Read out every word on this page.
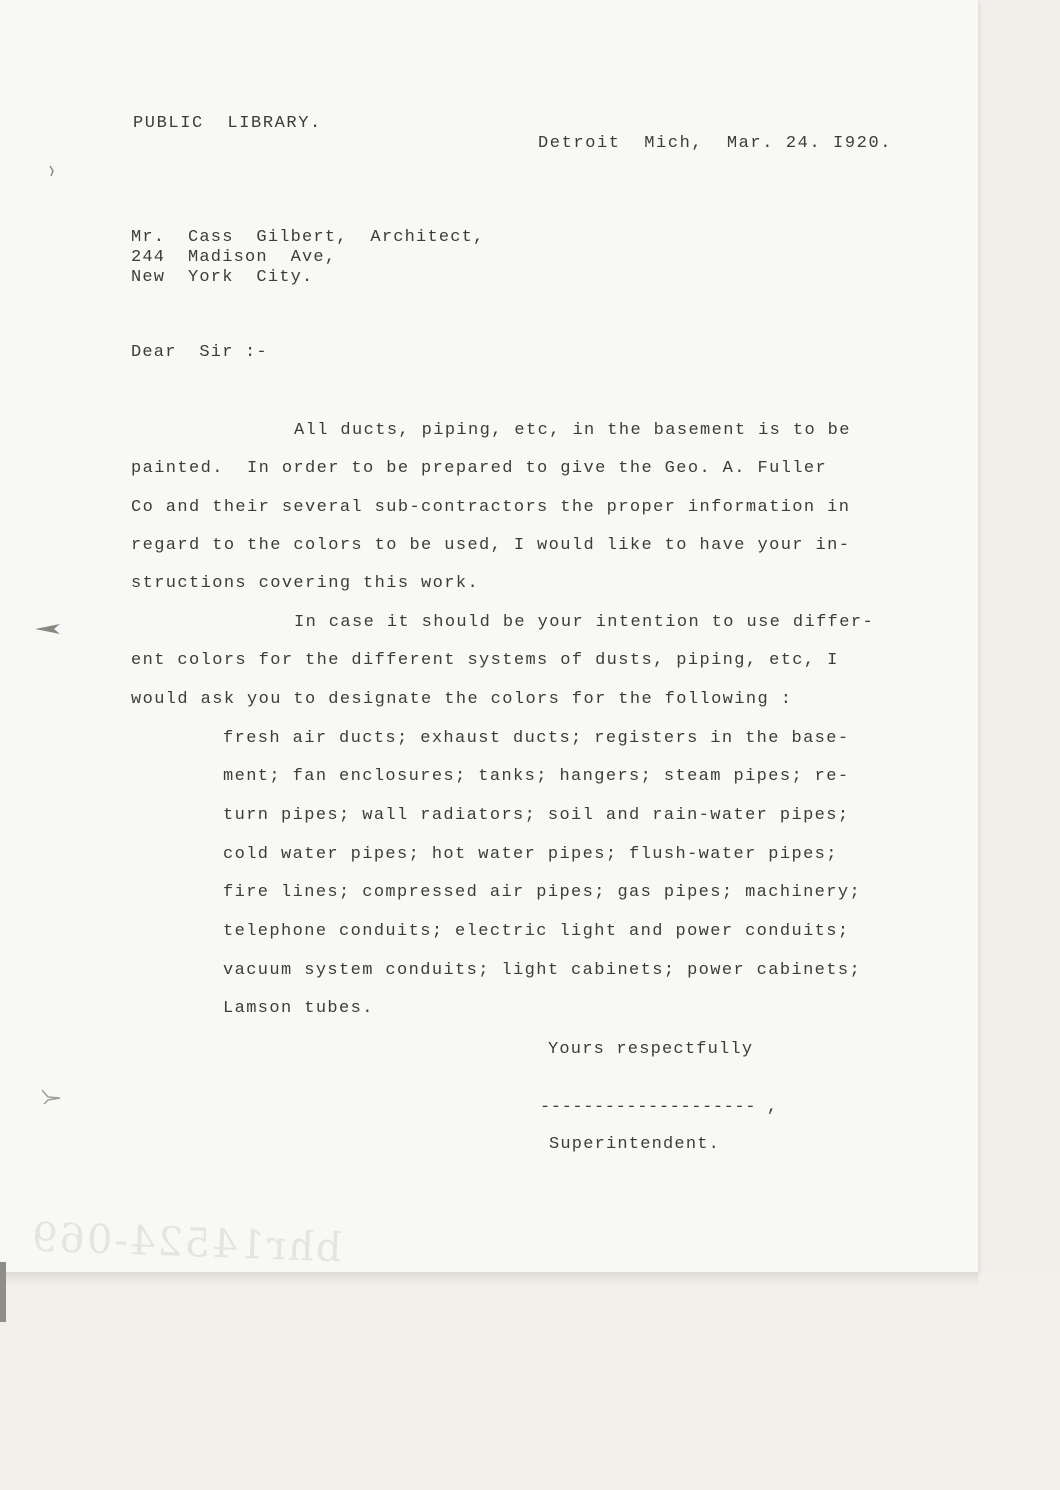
PUBLIC  LIBRARY.
Detroit  Mich,  Mar. 24. I920.
Mr.  Cass  Gilbert,  Architect,
244  Madison  Ave,
New  York  City.
Dear  Sir :-
All ducts, piping, etc, in the basement is to be
painted.  In order to be prepared to give the Geo. A. Fuller
Co and their several sub-contractors the proper information in
regard to the colors to be used, I would like to have your in-
structions covering this work.
In case it should be your intention to use differ-
ent colors for the different systems of dusts, piping, etc, I
would ask you to designate the colors for the following :
fresh air ducts; exhaust ducts; registers in the base-
ment; fan enclosures; tanks; hangers; steam pipes; re-
turn pipes; wall radiators; soil and rain-water pipes;
cold water pipes; hot water pipes; flush-water pipes;
fire lines; compressed air pipes; gas pipes; machinery;
telephone conduits; electric light and power conduits;
vacuum system conduits; light cabinets; power cabinets;
Lamson tubes.
Yours respectfully
-------------------- ,
Superintendent.
bhr14524-069
